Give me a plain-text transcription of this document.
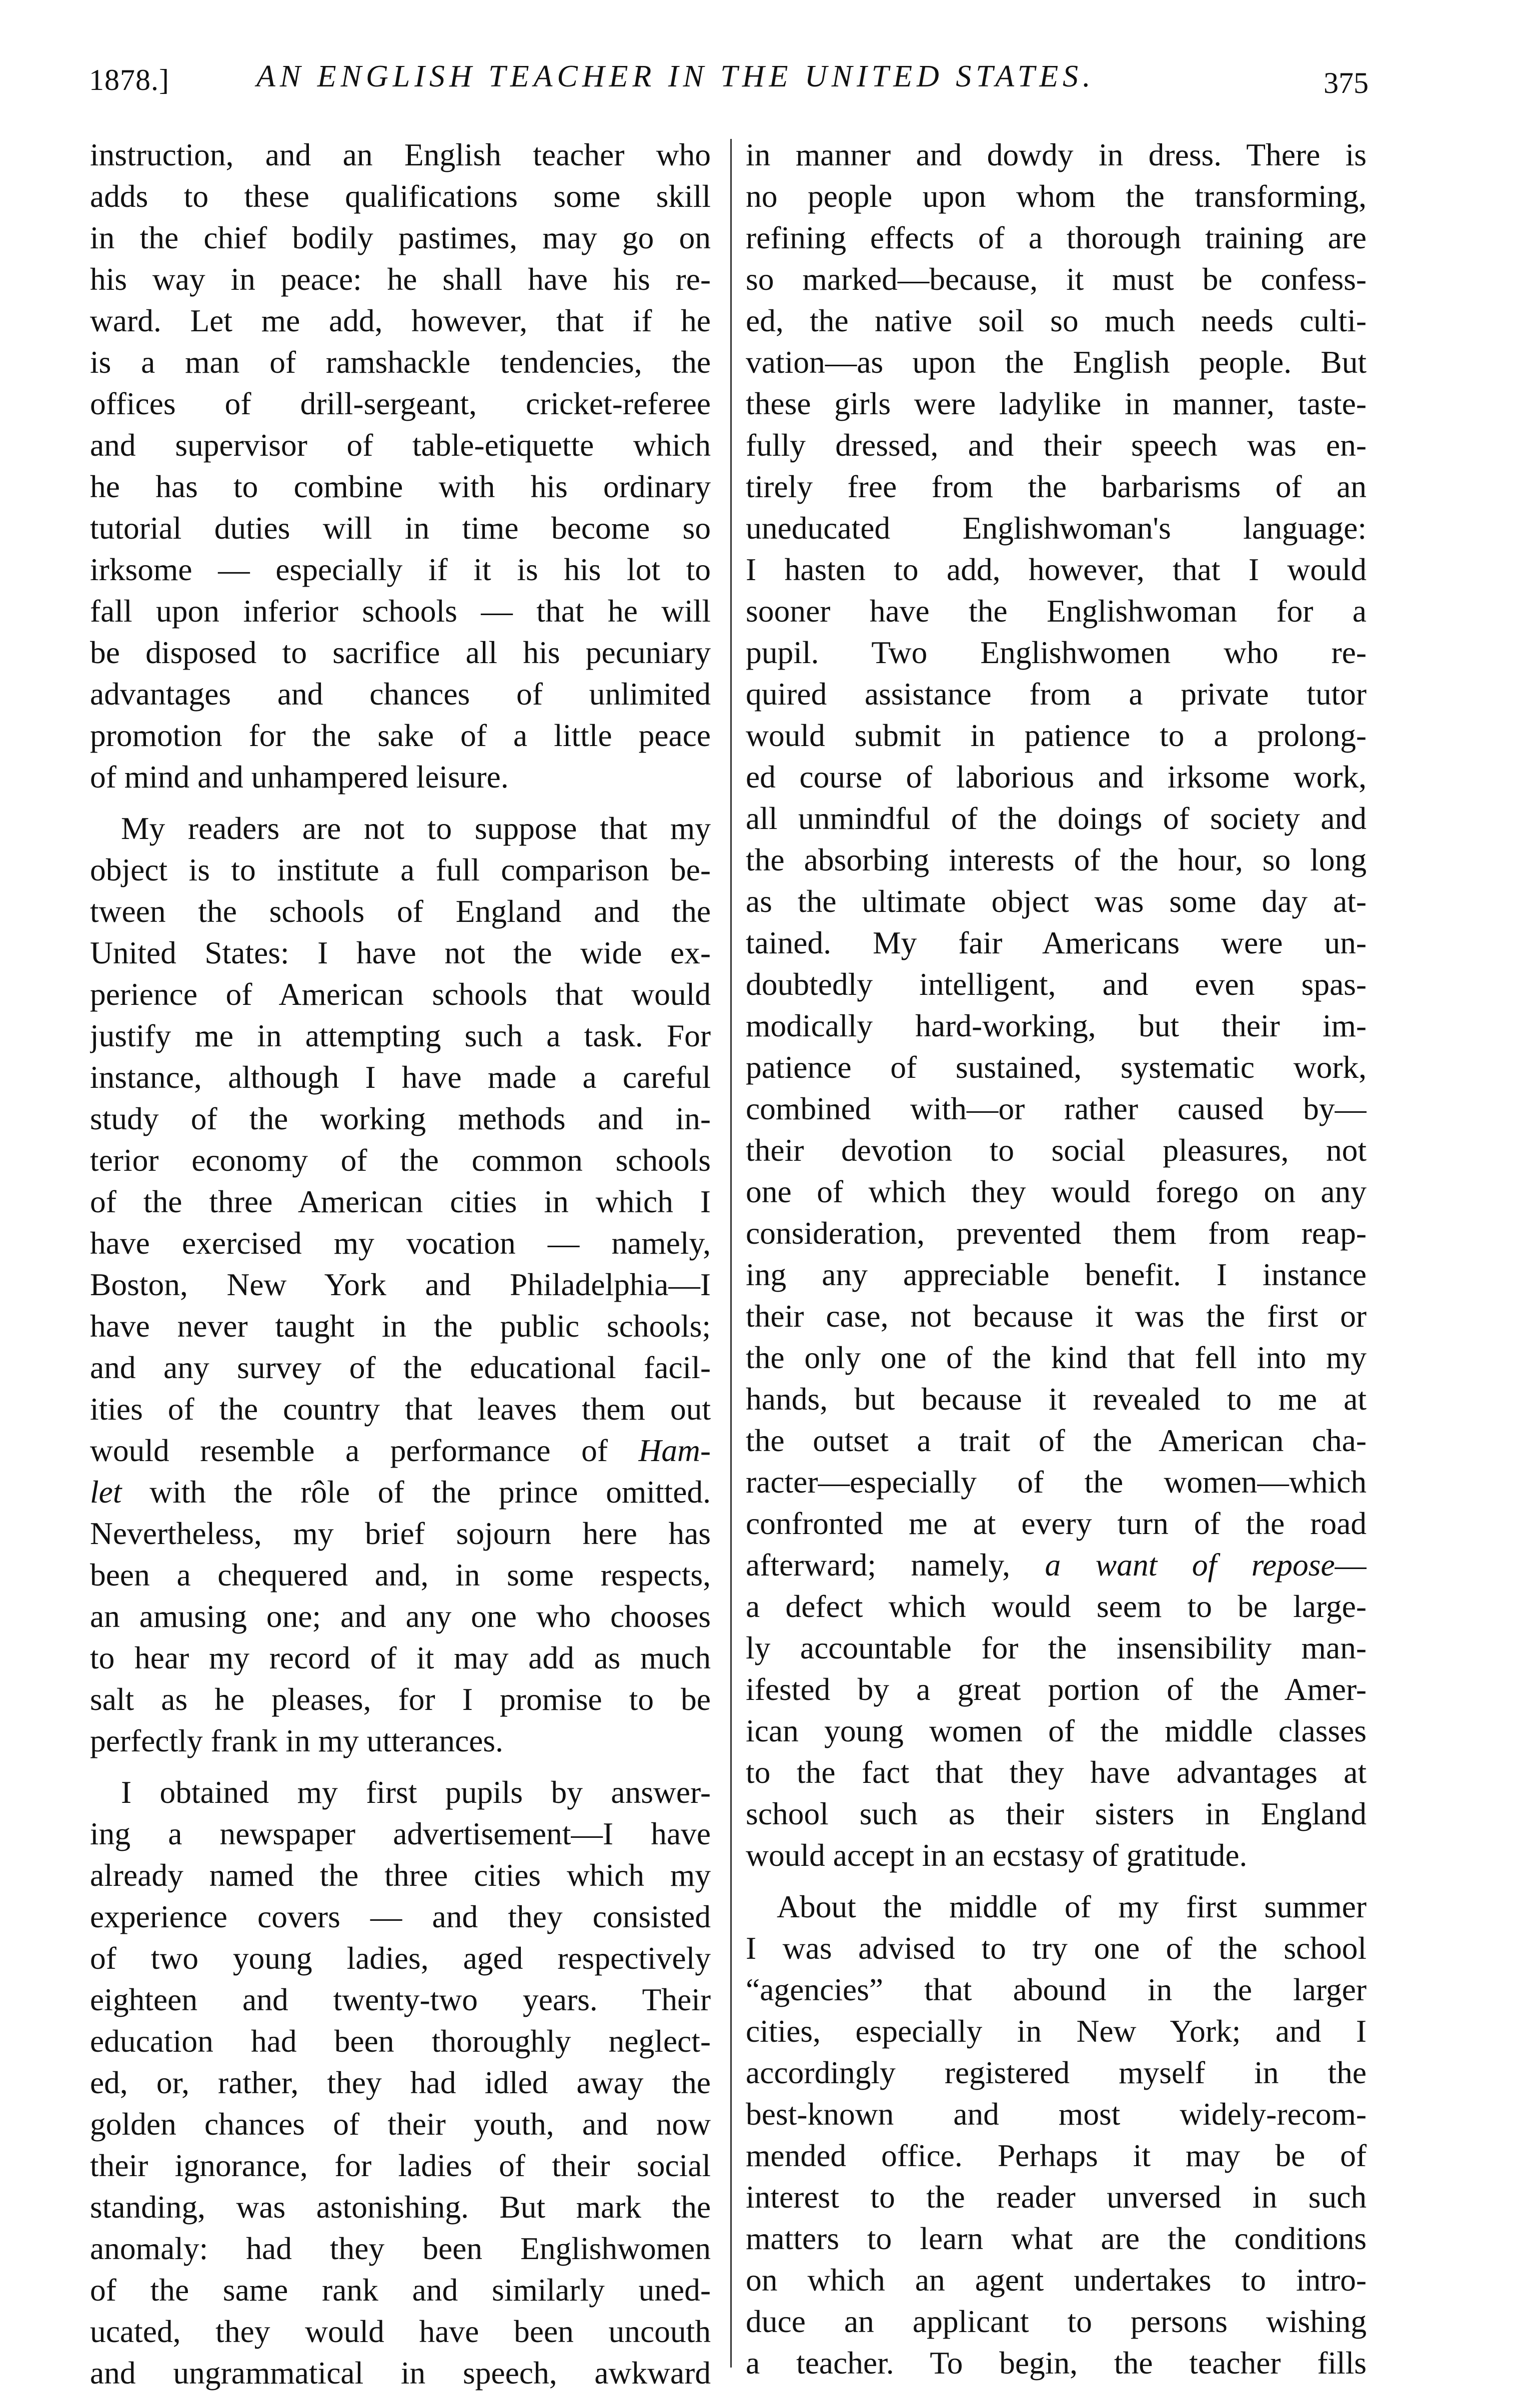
1878.]	AN ENGLISH TEACHER IN THE UNITED STATES.	375
instruction, and an English teacher who
adds to these qualifications some skill
in the chief bodily pastimes, may go on
his way in peace: he shall have his re-
ward. Let me add, however, that if he
is a man of ramshackle tendencies, the
offices of drill-sergeant, cricket-referee
and supervisor of table-etiquette which
he has to combine with his ordinary
tutorial duties will in time become so
irksome — especially if it is his lot to
fall upon inferior schools — that he will
be disposed to sacrifice all his pecuniary
advantages and chances of unlimited
promotion for the sake of a little peace
of mind and unhampered leisure.
My readers are not to suppose that my
object is to institute a full comparison be-
tween the schools of England and the
United States: I have not the wide ex-
perience of American schools that would
justify me in attempting such a task. For
instance, although I have made a careful
study of the working methods and in-
terior economy of the common schools
of the three American cities in which I
have exercised my vocation — namely,
Boston, New York and Philadelphia—I
have never taught in the public schools;
and any survey of the educational facil-
ities of the country that leaves them out
would resemble a performance of Ham-
let with the rôle of the prince omitted.
Nevertheless, my brief sojourn here has
been a chequered and, in some respects,
an amusing one; and any one who chooses
to hear my record of it may add as much
salt as he pleases, for I promise to be
perfectly frank in my utterances.
I obtained my first pupils by answer-
ing a newspaper advertisement—I have
already named the three cities which my
experience covers — and they consisted
of two young ladies, aged respectively
eighteen and twenty-two years. Their
education had been thoroughly neglect-
ed, or, rather, they had idled away the
golden chances of their youth, and now
their ignorance, for ladies of their social
standing, was astonishing. But mark the
anomaly: had they been Englishwomen
of the same rank and similarly uned-
ucated, they would have been uncouth
and ungrammatical in speech, awkward
in manner and dowdy in dress. There is
no people upon whom the transforming,
refining effects of a thorough training are
so marked—because, it must be confess-
ed, the native soil so much needs culti-
vation—as upon the English people. But
these girls were ladylike in manner, taste-
fully dressed, and their speech was en-
tirely free from the barbarisms of an
uneducated Englishwoman's language:
I hasten to add, however, that I would
sooner have the Englishwoman for a
pupil. Two Englishwomen who re-
quired assistance from a private tutor
would submit in patience to a prolong-
ed course of laborious and irksome work,
all unmindful of the doings of society and
the absorbing interests of the hour, so long
as the ultimate object was some day at-
tained. My fair Americans were un-
doubtedly intelligent, and even spas-
modically hard-working, but their im-
patience of sustained, systematic work,
combined with—or rather caused by—
their devotion to social pleasures, not
one of which they would forego on any
consideration, prevented them from reap-
ing any appreciable benefit. I instance
their case, not because it was the first or
the only one of the kind that fell into my
hands, but because it revealed to me at
the outset a trait of the American cha-
racter—especially of the women—which
confronted me at every turn of the road
afterward; namely, a want of repose—
a defect which would seem to be large-
ly accountable for the insensibility man-
ifested by a great portion of the Amer-
ican young women of the middle classes
to the fact that they have advantages at
school such as their sisters in England
would accept in an ecstasy of gratitude.
About the middle of my first summer
I was advised to try one of the school
“agencies” that abound in the larger
cities, especially in New York; and I
accordingly registered myself in the
best-known and most widely-recom-
mended office. Perhaps it may be of
interest to the reader unversed in such
matters to learn what are the conditions
on which an agent undertakes to intro-
duce an applicant to persons wishing
a teacher. To begin, the teacher fills
